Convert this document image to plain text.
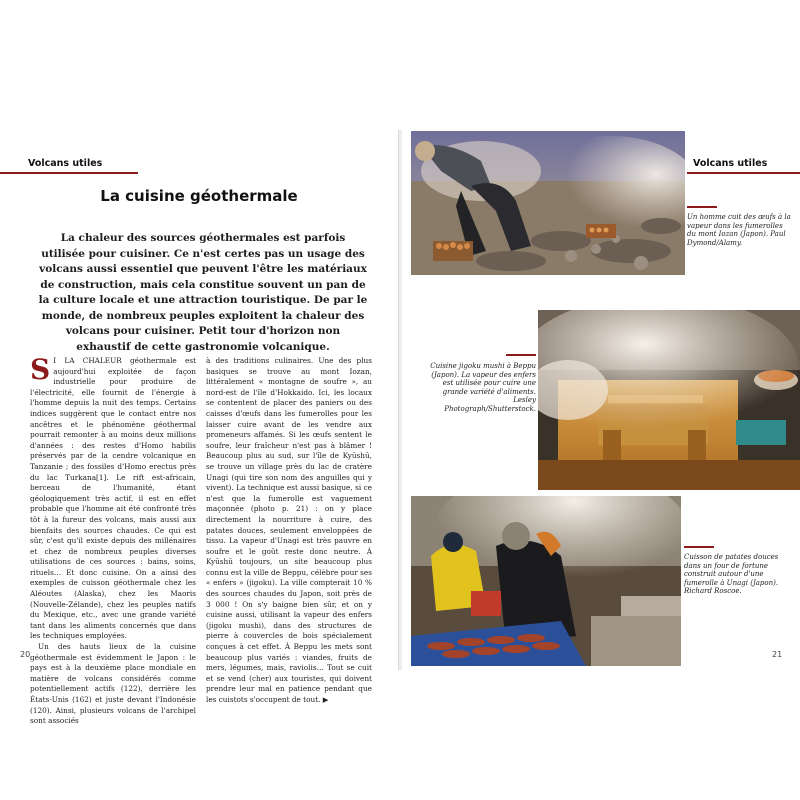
Volcans utiles
La cuisine géothermale
La chaleur des sources géothermales est parfois utilisée pour cuisiner. Ce n'est certes pas un usage des volcans aussi essentiel que peuvent l'être les matériaux de construction, mais cela constitue souvent un pan de la culture locale et une attraction touristique. De par le monde, de nombreux peuples exploitent la chaleur des volcans pour cuisiner. Petit tour d'horizon non exhaustif de cette gastronomie volcanique.

S I LA CHALEUR géothermale est aujourd'hui exploitée de façon industrielle pour produire de l'électricité, elle fournit de l'énergie à l'homme depuis la nuit des temps. Certains indices suggèrent que le contact entre nos ancêtres et le phénomène géothermal pourrait remonter à au moins deux millions d'années : des restes d'Homo habilis préservés par de la cendre volcanique en Tanzanie ; des fossiles d'Homo erectus près du lac Turkana[1]. Le rift est-africain, berceau de l'humanité, étant géologiquement très actif, il est en effet probable que l'homme ait été confronté très tôt à la fureur des volcans, mais aussi aux bienfaits des sources chaudes. Ce qui est sûr, c'est qu'il existe depuis des millénaires et chez de nombreux peuples diverses utilisations de ces sources : bains, soins, rituels… Et donc cuisine. On a ainsi des exemples de cuisson géothermale chez les Aléoutes (Alaska), chez les Maoris (Nouvelle-Zélande), chez les peuples natifs du Mexique, etc., avec une grande variété tant dans les aliments concernés que dans les techniques employées.

Un des hauts lieux de la cuisine géothermale est évidemment le Japon : le pays est à la deuxième place mondiale en matière de volcans considérés comme potentiellement actifs (122), derrière les États-Unis (162) et juste devant l'Indonésie (120). Ainsi, plusieurs volcans de l'archipel sont associés

à des traditions culinaires. Une des plus basiques se trouve au mont Iozan, littéralement « montagne de soufre », au nord-est de l'île d'Hokkaido. Ici, les locaux se contentent de placer des paniers ou des caisses d'œufs dans les fumerolles pour les laisser cuire avant de les vendre aux promeneurs affamés. Si les œufs sentent le soufre, leur fraîcheur n'est pas à blâmer ! Beaucoup plus au sud, sur l'île de Kyūshū, se trouve un village près du lac de cratère Unagi (qui tire son nom des anguilles qui y vivent). La technique est aussi basique, si ce n'est que la fumerolle est vaguement maçonnée (photo p. 21) : on y place directement la nourriture à cuire, des patates douces, seulement enveloppées de tissu. La vapeur d'Unagi est très pauvre en soufre et le goût reste donc neutre. À Kyūshū toujours, un site beaucoup plus connu est la ville de Beppu, célèbre pour ses « enfers » (jigoku). La ville compterait 10 % des sources chaudes du Japon, soit près de 3 000 ! On s'y baigne bien sûr, et on y cuisine aussi, utilisant la vapeur des enfers (jigoku mushi), dans des structures de pierre à couvercles de bois spécialement conçues à cet effet. À Beppu les mets sont beaucoup plus variés : viandes, fruits de mers, légumes, mais, raviolis… Tout se cuit et se vend (cher) aux touristes, qui doivent prendre leur mal en patience pendant que les cuistots s'occupent de tout. ▶

20
Volcans utiles
Un homme cuit des œufs à la vapeur dans les fumerolles du mont Iozan (Japon). Paul Dymond/Alamy.
Cuisine jigoku mushi à Beppu (Japon). La vapeur des enfers est utilisée pour cuire une grande variété d'aliments. Lesley Photograph/Shutterstock.
Cuisson de patates douces dans un four de fortune construit autour d'une fumerolle à Unagi (Japon). Richard Roscoe.
21
